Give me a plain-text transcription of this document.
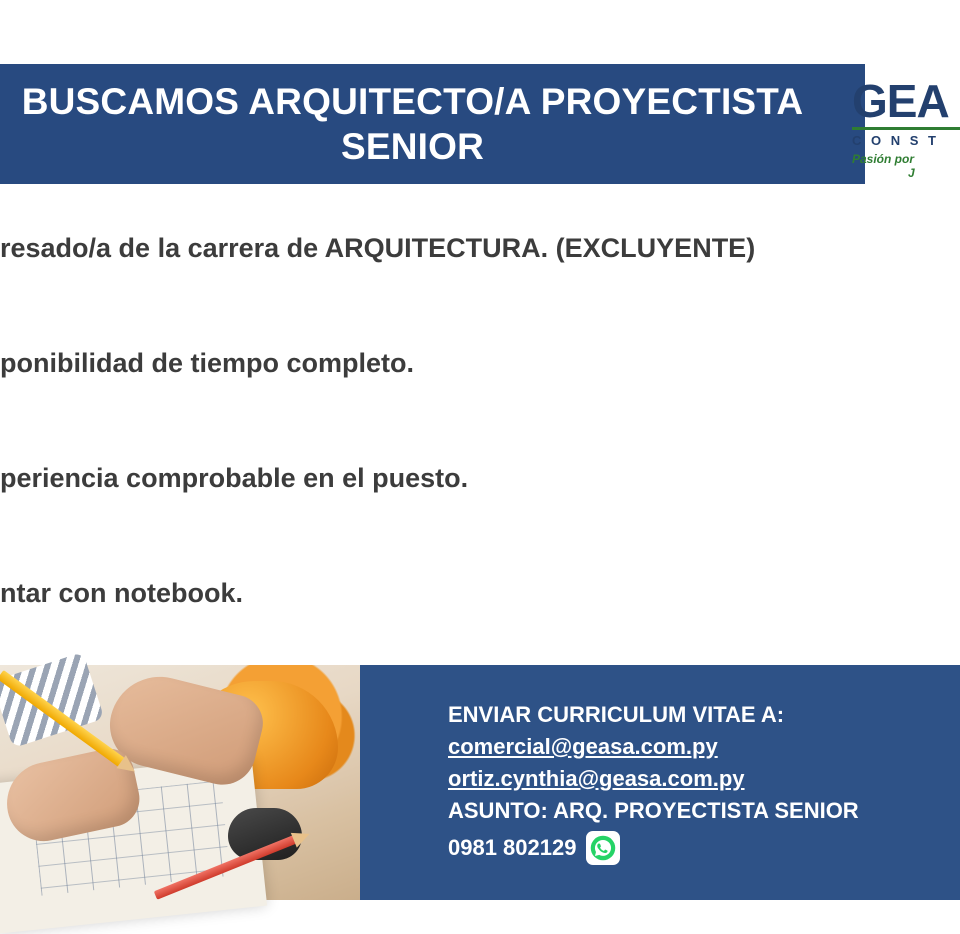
BUSCAMOS ARQUITECTO/A PROYECTISTA SENIOR
GEA
C O N S T
Pasión por
J
resado/a de la carrera de ARQUITECTURA. (EXCLUYENTE)
ponibilidad de tiempo completo.
periencia comprobable en el puesto.
ntar con notebook.
ENVIAR CURRICULUM VITAE A:
comercial@geasa.com.py
ortiz.cynthia@geasa.com.py
ASUNTO: ARQ. PROYECTISTA SENIOR
0981 802129
